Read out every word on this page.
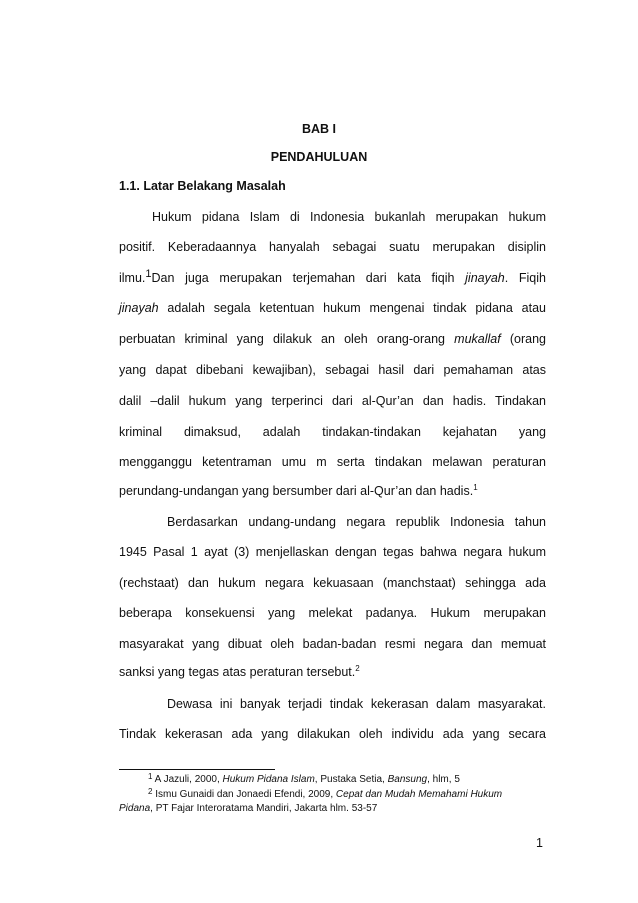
BAB I
PENDAHULUAN
1.1. Latar Belakang Masalah
Hukum pidana Islam di Indonesia bukanlah merupakan hukum
positif. Keberadaannya hanyalah sebagai suatu merupakan disiplin
ilmu.1Dan juga merupakan terjemahan dari kata fiqih jinayah. Fiqih
jinayah adalah segala ketentuan hukum mengenai tindak pidana atau
perbuatan kriminal yang dilakuk an oleh orang-orang mukallaf (orang
yang dapat dibebani kewajiban), sebagai hasil dari pemahaman atas
dalil –dalil hukum yang terperinci dari al-Qur’an dan hadis. Tindakan
kriminal dimaksud, adalah tindakan-tindakan kejahatan yang
mengganggu ketentraman umu m serta tindakan melawan peraturan
perundang-undangan yang bersumber dari al-Qur’an dan hadis.$^1$
Berdasarkan undang-undang negara republik Indonesia tahun
1945 Pasal 1 ayat (3) menjellaskan dengan tegas bahwa negara hukum
(rechstaat) dan hukum negara kekuasaan (manchstaat) sehingga ada
beberapa konsekuensi yang melekat padanya. Hukum merupakan
masyarakat yang dibuat oleh badan-badan resmi negara dan memuat
sanksi yang tegas atas peraturan tersebut.$^2$
Dewasa ini banyak terjadi tindak kekerasan dalam masyarakat.
Tindak kekerasan ada yang dilakukan oleh individu ada yang secara
$^1$ A Jazuli, 2000, Hukum Pidana Islam, Pustaka Setia, Bansung, hlm, 5
$^2$ Ismu Gunaidi dan Jonaedi Efendi, 2009, Cepat dan Mudah Memahami Hukum
Pidana, PT Fajar Interoratama Mandiri, Jakarta hlm. 53-57
1
